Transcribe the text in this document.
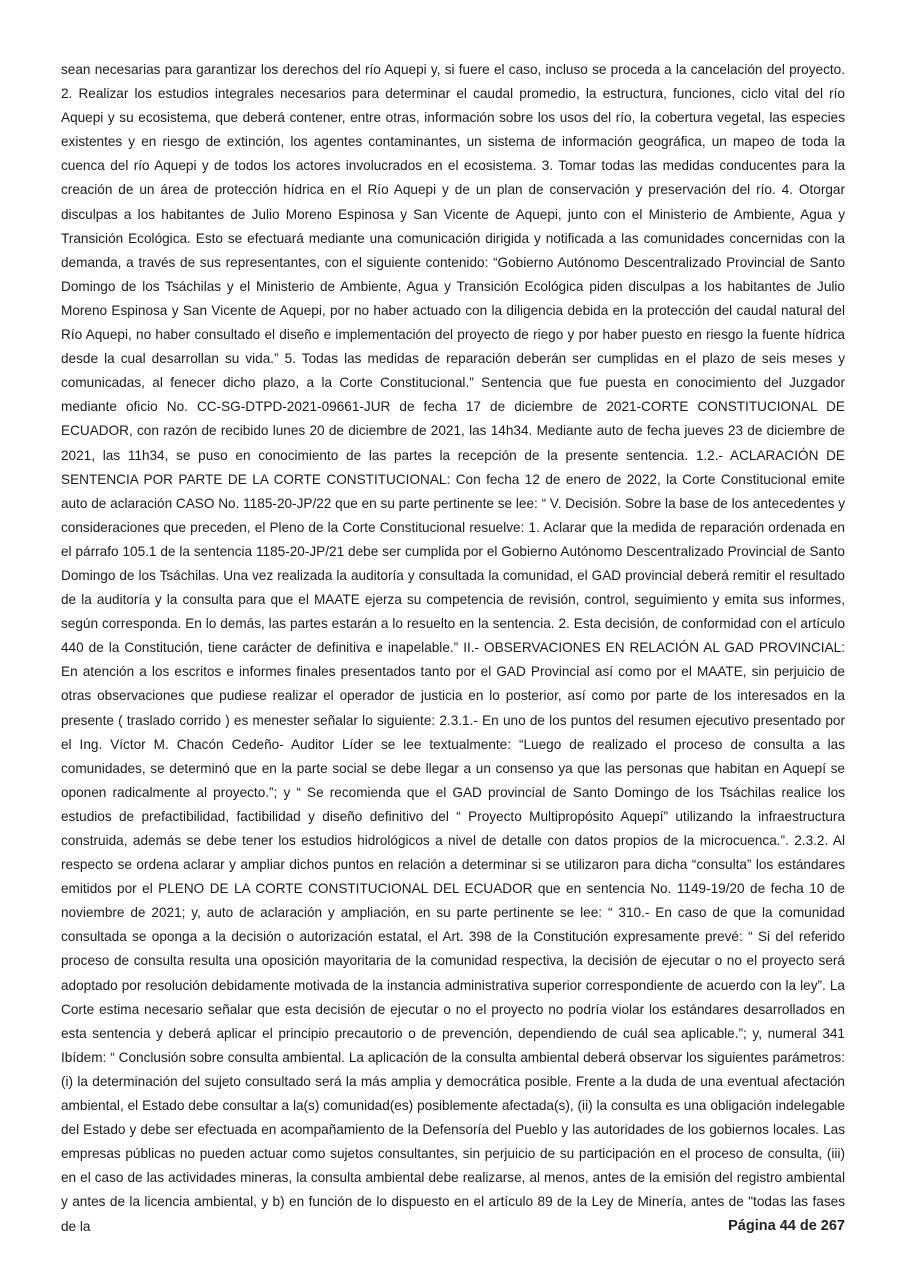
sean necesarias para garantizar los derechos del río Aquepi y, si fuere el caso, incluso se proceda a la cancelación del proyecto. 2. Realizar los estudios integrales necesarios para determinar el caudal promedio, la estructura, funciones, ciclo vital del río Aquepi y su ecosistema, que deberá contener, entre otras, información sobre los usos del río, la cobertura vegetal, las especies existentes y en riesgo de extinción, los agentes contaminantes, un sistema de información geográfica, un mapeo de toda la cuenca del río Aquepi y de todos los actores involucrados en el ecosistema. 3. Tomar todas las medidas conducentes para la creación de un área de protección hídrica en el Río Aquepi y de un plan de conservación y preservación del río. 4. Otorgar disculpas a los habitantes de Julio Moreno Espinosa y San Vicente de Aquepi, junto con el Ministerio de Ambiente, Agua y Transición Ecológica. Esto se efectuará mediante una comunicación dirigida y notificada a las comunidades concernidas con la demanda, a través de sus representantes, con el siguiente contenido: “Gobierno Autónomo Descentralizado Provincial de Santo Domingo de los Tsáchilas y el Ministerio de Ambiente, Agua y Transición Ecológica piden disculpas a los habitantes de Julio Moreno Espinosa y San Vicente de Aquepi, por no haber actuado con la diligencia debida en la protección del caudal natural del Río Aquepi, no haber consultado el diseño e implementación del proyecto de riego y por haber puesto en riesgo la fuente hídrica desde la cual desarrollan su vida.” 5. Todas las medidas de reparación deberán ser cumplidas en el plazo de seis meses y comunicadas, al fenecer dicho plazo, a la Corte Constitucional.” Sentencia que fue puesta en conocimiento del Juzgador mediante oficio No. CC-SG-DTPD-2021-09661-JUR de fecha 17 de diciembre de 2021-CORTE CONSTITUCIONAL DE ECUADOR, con razón de recibido lunes 20 de diciembre de 2021, las 14h34. Mediante auto de fecha jueves 23 de diciembre de 2021, las 11h34, se puso en conocimiento de las partes la recepción de la presente sentencia. 1.2.- ACLARACIÓN DE SENTENCIA POR PARTE DE LA CORTE CONSTITUCIONAL: Con fecha 12 de enero de 2022, la Corte Constitucional emite auto de aclaración CASO No. 1185-20-JP/22 que en su parte pertinente se lee: “ V. Decisión. Sobre la base de los antecedentes y consideraciones que preceden, el Pleno de la Corte Constitucional resuelve: 1. Aclarar que la medida de reparación ordenada en el párrafo 105.1 de la sentencia 1185-20-JP/21 debe ser cumplida por el Gobierno Autónomo Descentralizado Provincial de Santo Domingo de los Tsáchilas. Una vez realizada la auditoría y consultada la comunidad, el GAD provincial deberá remitir el resultado de la auditoría y la consulta para que el MAATE ejerza su competencia de revisión, control, seguimiento y emita sus informes, según corresponda. En lo demás, las partes estarán a lo resuelto en la sentencia. 2. Esta decisión, de conformidad con el artículo 440 de la Constitución, tiene carácter de definitiva e inapelable.” II.- OBSERVACIONES EN RELACIÓN AL GAD PROVINCIAL: En atención a los escritos e informes finales presentados tanto por el GAD Provincial así como por el MAATE, sin perjuicio de otras observaciones que pudiese realizar el operador de justicia en lo posterior, así como por parte de los interesados en la presente ( traslado corrido ) es menester señalar lo siguiente: 2.3.1.- En uno de los puntos del resumen ejecutivo presentado por el Ing. Víctor M. Chacón Cedeño- Auditor Líder se lee textualmente: “Luego de realizado el proceso de consulta a las comunidades, se determinó que en la parte social se debe llegar a un consenso ya que las personas que habitan en Aquepí se oponen radicalmente al proyecto.”; y “ Se recomienda que el GAD provincial de Santo Domingo de los Tsáchilas realice los estudios de prefactibilidad, factibilidad y diseño definitivo del “ Proyecto Multipropósito Aquepí” utilizando la infraestructura construida, además se debe tener los estudios hidrológicos a nivel de detalle con datos propios de la microcuenca.”. 2.3.2. Al respecto se ordena aclarar y ampliar dichos puntos en relación a determinar si se utilizaron para dicha “consulta” los estándares emitidos por el PLENO DE LA CORTE CONSTITUCIONAL DEL ECUADOR que en sentencia No. 1149-19/20 de fecha 10 de noviembre de 2021; y, auto de aclaración y ampliación, en su parte pertinente se lee: “ 310.- En caso de que la comunidad consultada se oponga a la decisión o autorización estatal, el Art. 398 de la Constitución expresamente prevé: “ Si del referido proceso de consulta resulta una oposición mayoritaria de la comunidad respectiva, la decisión de ejecutar o no el proyecto será adoptado por resolución debidamente motivada de la instancia administrativa superior correspondiente de acuerdo con la ley”. La Corte estima necesario señalar que esta decisión de ejecutar o no el proyecto no podría violar los estándares desarrollados en esta sentencia y deberá aplicar el principio precautorio o de prevención, dependiendo de cuál sea aplicable.”; y, numeral 341 Ibídem: “ Conclusión sobre consulta ambiental. La aplicación de la consulta ambiental deberá observar los siguientes parámetros: (i) la determinación del sujeto consultado será la más amplia y democrática posible. Frente a la duda de una eventual afectación ambiental, el Estado debe consultar a la(s) comunidad(es) posiblemente afectada(s), (ii) la consulta es una obligación indelegable del Estado y debe ser efectuada en acompañamiento de la Defensoría del Pueblo y las autoridades de los gobiernos locales. Las empresas públicas no pueden actuar como sujetos consultantes, sin perjuicio de su participación en el proceso de consulta, (iii) en el caso de las actividades mineras, la consulta ambiental debe realizarse, al menos, antes de la emisión del registro ambiental y antes de la licencia ambiental, y b) en función de lo dispuesto en el artículo 89 de la Ley de Minería, antes de "todas las fases de la	Página 44 de 267
